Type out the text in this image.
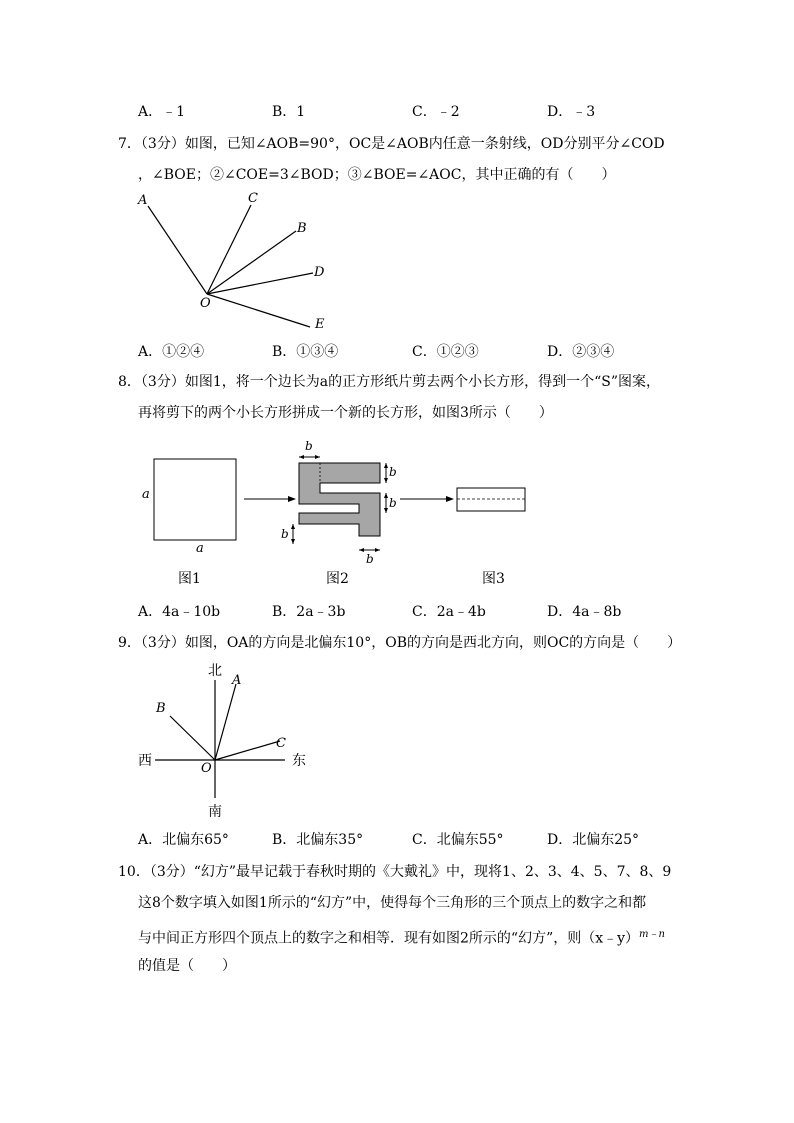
A．﹣1	B．1	C．﹣2	D．﹣3
7．（3分）如图，已知∠AOB=90°，OC是∠AOB内任意一条射线，OD分别平分∠COD
，∠BOE；②∠COE=3∠BOD；③∠BOE=∠AOC，其中正确的有（　　）
A	C
B
D
O
E
A．①②④	B．①③④	C．①②③	D．②③④
8．（3分）如图1，将一个边长为a的正方形纸片剪去两个小长方形，得到一个“S”图案，
再将剪下的两个小长方形拼成一个新的长方形，如图3所示（　　）
a
a
b
b
b
b
b
图1	图2	图3
A．4a﹣10b	B．2a﹣3b	C．2a﹣4b	D．4a﹣8b
9．（3分）如图，OA的方向是北偏东10°，OB的方向是西北方向，则OC的方向是（　　）
北
南
西	东
A
B
C
O
A．北偏东65°	B．北偏东35°	C．北偏东55°	D．北偏东25°
10．（3分）“幻方”最早记载于春秋时期的《大戴礼》中，现将1、2、3、4、5、7、8、9
这8个数字填入如图1所示的“幻方”中，使得每个三角形的三个顶点上的数字之和都
与中间正方形四个顶点上的数字之和相等．现有如图2所示的“幻方”，则（x﹣y）$^{m﹣n}$
的值是（　　）
